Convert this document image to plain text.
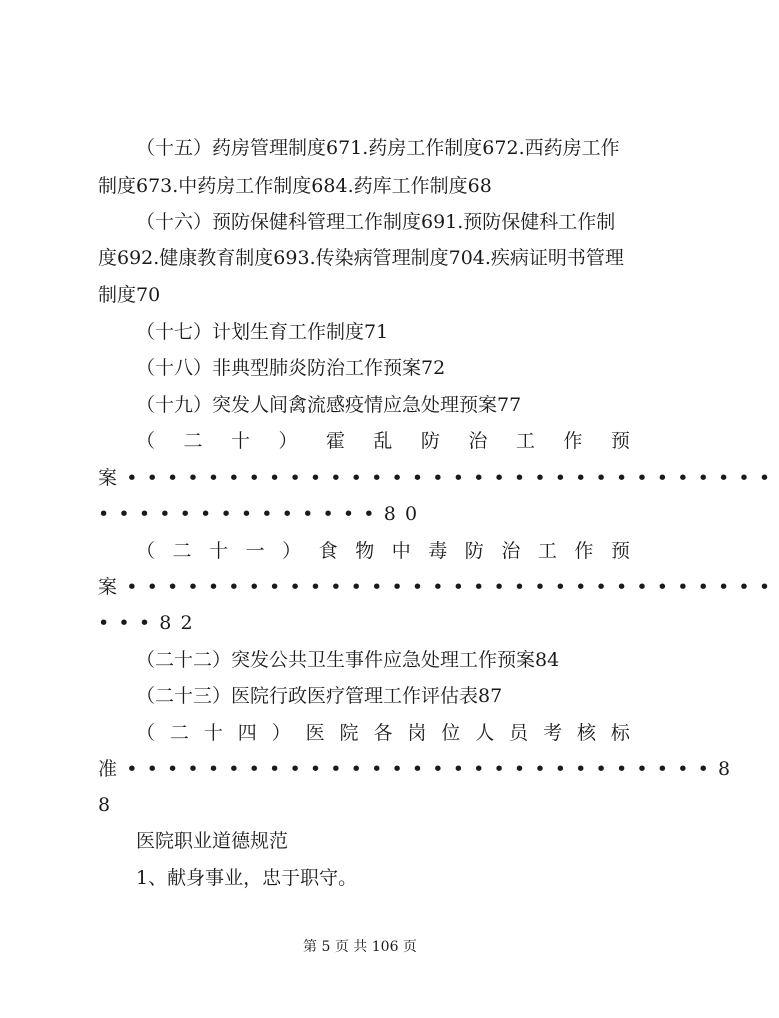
（十五）药房管理制度671.药房工作制度672.西药房工作
制度673.中药房工作制度684.药库工作制度68
（十六）预防保健科管理工作制度691.预防保健科工作制
度692.健康教育制度693.传染病管理制度704.疾病证明书管理
制度70
（十七）计划生育工作制度71
（十八）非典型肺炎防治工作预案72
（十九）突发人间禽流感疫情应急处理预案77
（ 二 十 ） 霍 乱 防 治 工 作 预
案••••••••••••••••••••••••••••••••
••••••••••••••80
（ 二 十 一 ） 食 物 中 毒 防 治 工 作 预
案••••••••••••••••••••••••••••••••
•••82
（二十二）突发公共卫生事件应急处理工作预案84
（二十三）医院行政医疗管理工作评估表87
（ 二 十 四 ） 医 院 各 岗 位 人 员 考 核 标
准•••••••••••••••••••••••••••••8
8
医院职业道德规范
1、献身事业，忠于职守。
第 5 页 共 106 页
